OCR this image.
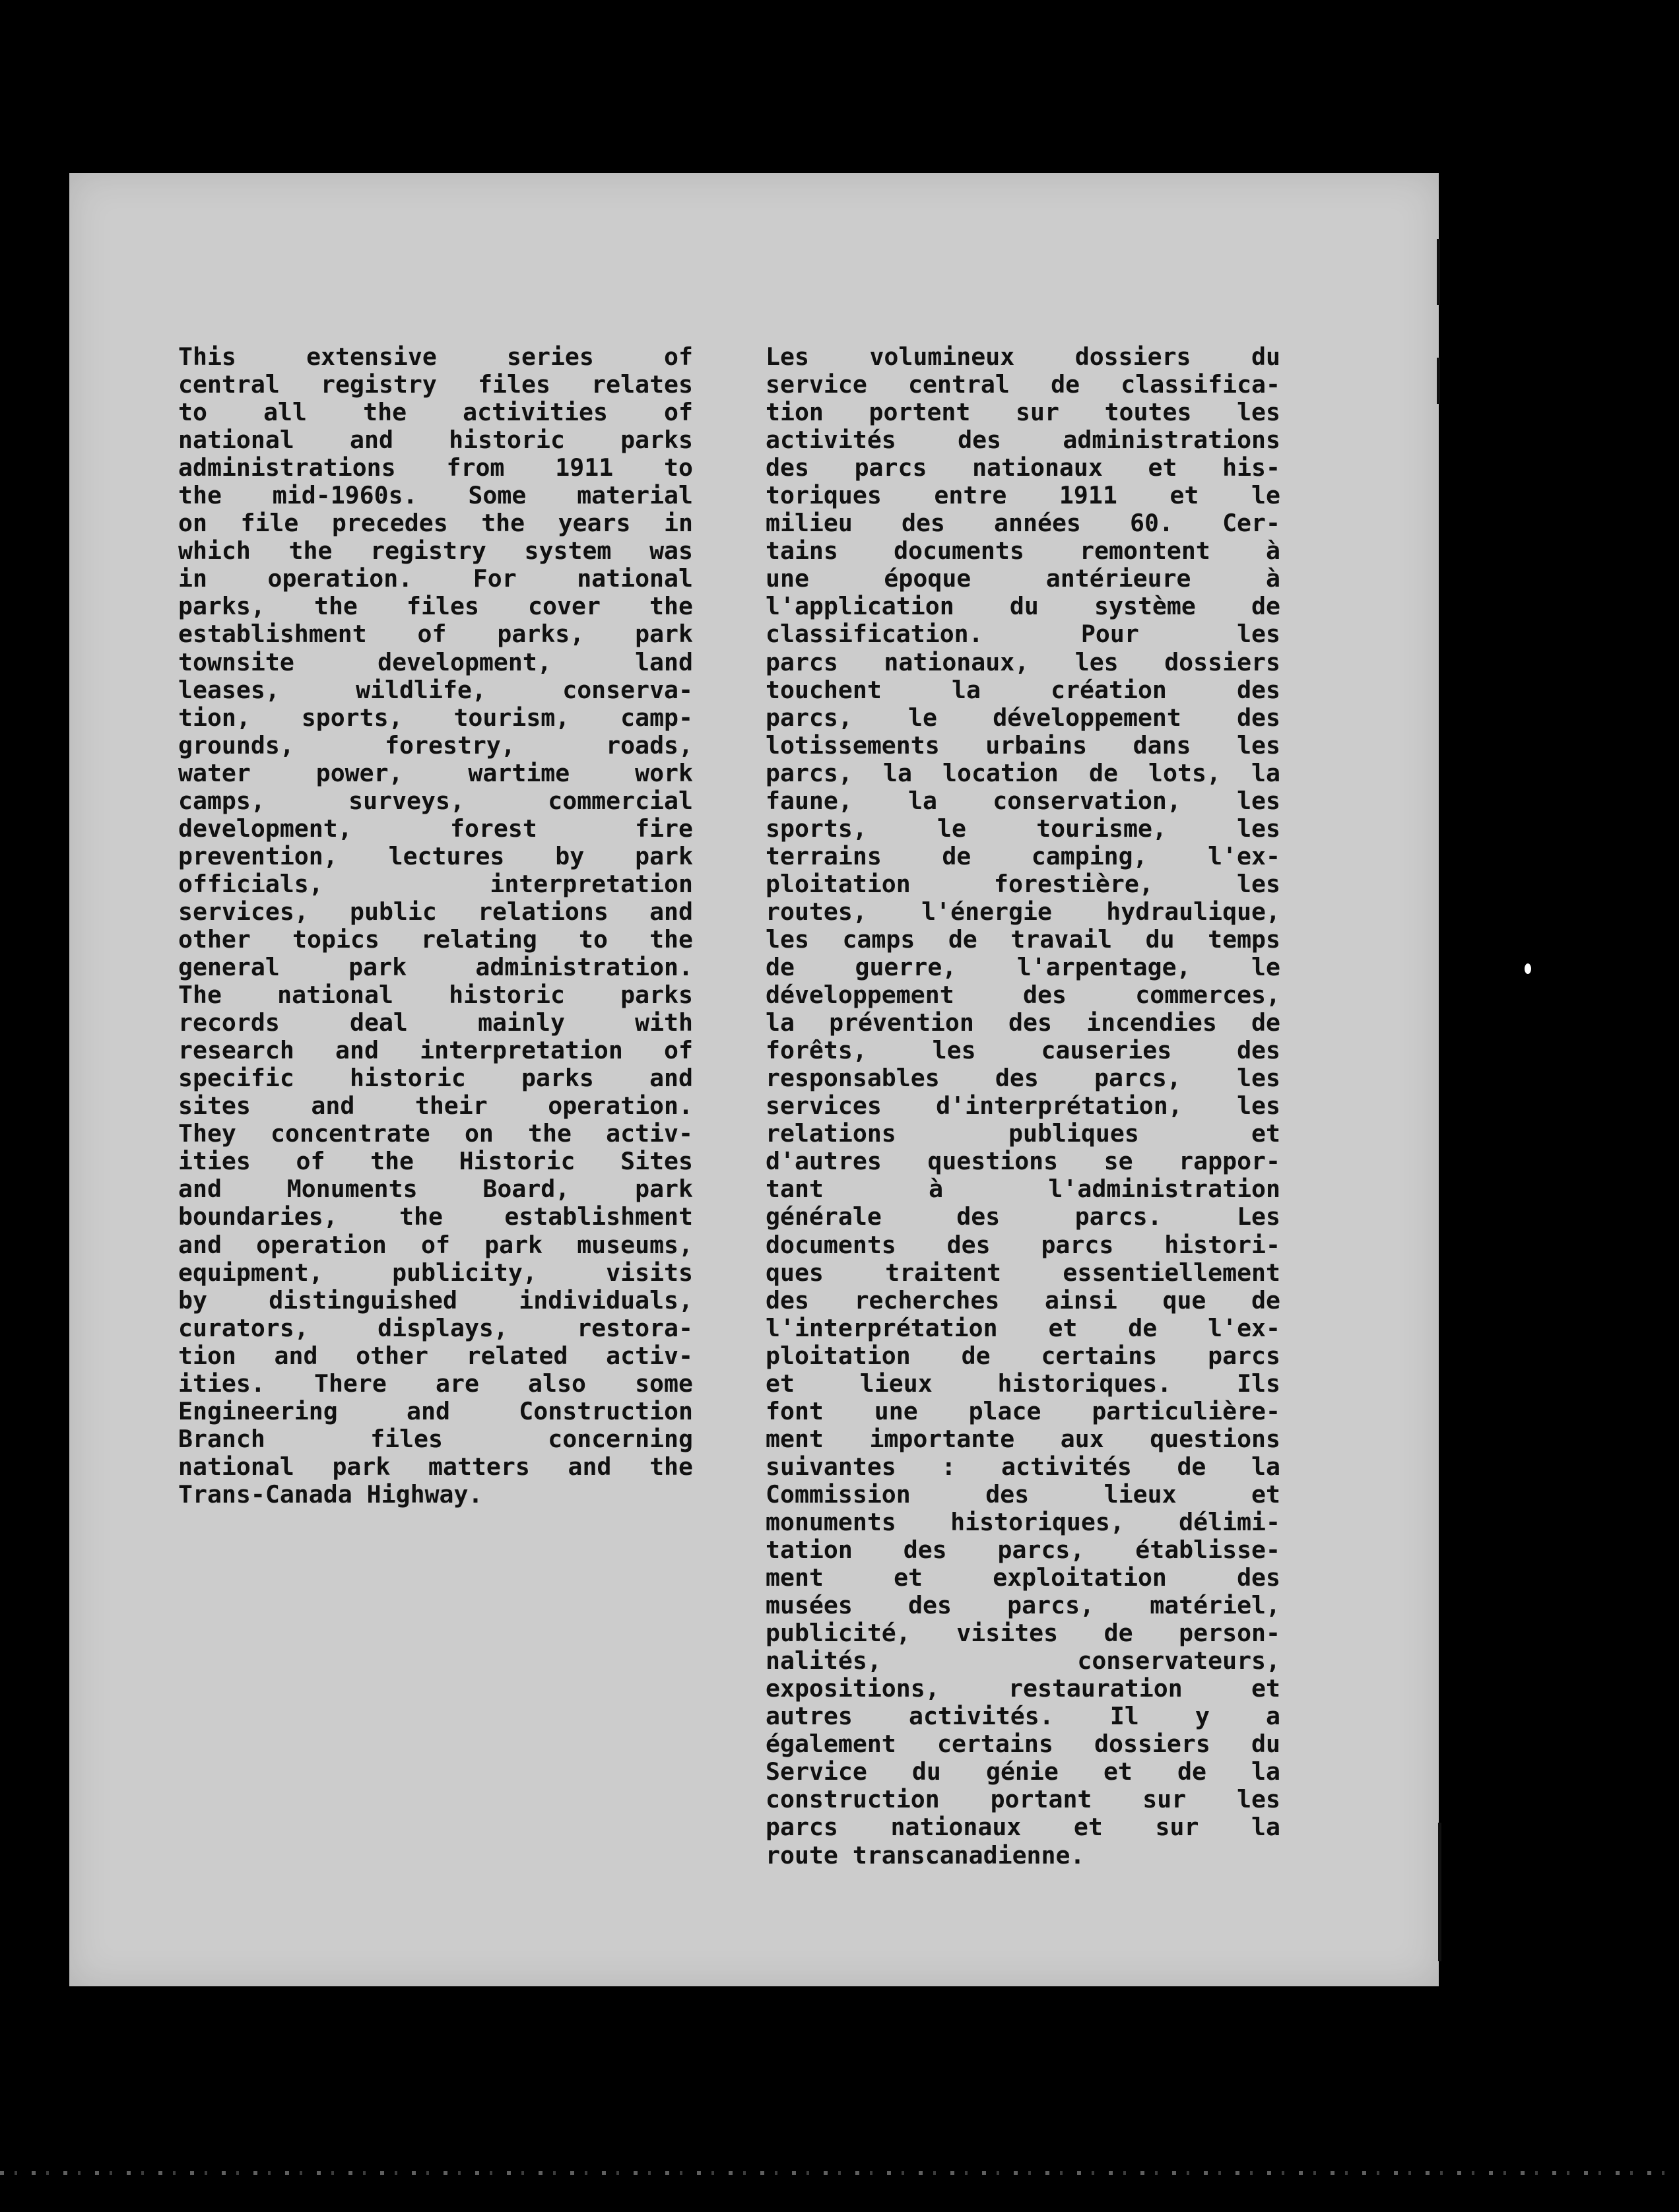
This extensive series of
central registry files relates
to all the activities of
national and historic parks
administrations from 1911 to
the mid-1960s. Some material
on file precedes the years in
which the registry system was
in operation. For national
parks, the files cover the
establishment of parks, park
townsite development, land
leases, wildlife, conserva-
tion, sports, tourism, camp-
grounds, forestry, roads,
water power, wartime work
camps, surveys, commercial
development, forest fire
prevention, lectures by park
officials, interpretation
services, public relations and
other topics relating to the
general park administration.
The national historic parks
records deal mainly with
research and interpretation of
specific historic parks and
sites and their operation.
They concentrate on the activ-
ities of the Historic Sites
and Monuments Board, park
boundaries, the establishment
and operation of park museums,
equipment, publicity, visits
by distinguished individuals,
curators, displays, restora-
tion and other related activ-
ities. There are also some
Engineering and Construction
Branch files concerning
national park matters and the
Trans-Canada Highway.
Les volumineux dossiers du
service central de classifica-
tion portent sur toutes les
activités des administrations
des parcs nationaux et his-
toriques entre 1911 et le
milieu des années 60. Cer-
tains documents remontent à
une époque antérieure à
l'application du système de
classification. Pour les
parcs nationaux, les dossiers
touchent la création des
parcs, le développement des
lotissements urbains dans les
parcs, la location de lots, la
faune, la conservation, les
sports, le tourisme, les
terrains de camping, l'ex-
ploitation forestière, les
routes, l'énergie hydraulique,
les camps de travail du temps
de guerre, l'arpentage, le
développement des commerces,
la prévention des incendies de
forêts, les causeries des
responsables des parcs, les
services d'interprétation, les
relations publiques et
d'autres questions se rappor-
tant à l'administration
générale des parcs. Les
documents des parcs histori-
ques traitent essentiellement
des recherches ainsi que de
l'interprétation et de l'ex-
ploitation de certains parcs
et lieux historiques. Ils
font une place particulière-
ment importante aux questions
suivantes : activités de la
Commission des lieux et
monuments historiques, délimi-
tation des parcs, établisse-
ment et exploitation des
musées des parcs, matériel,
publicité, visites de person-
nalités, conservateurs,
expositions, restauration et
autres activités. Il y a
également certains dossiers du
Service du génie et de la
construction portant sur les
parcs nationaux et sur la
route transcanadienne.
